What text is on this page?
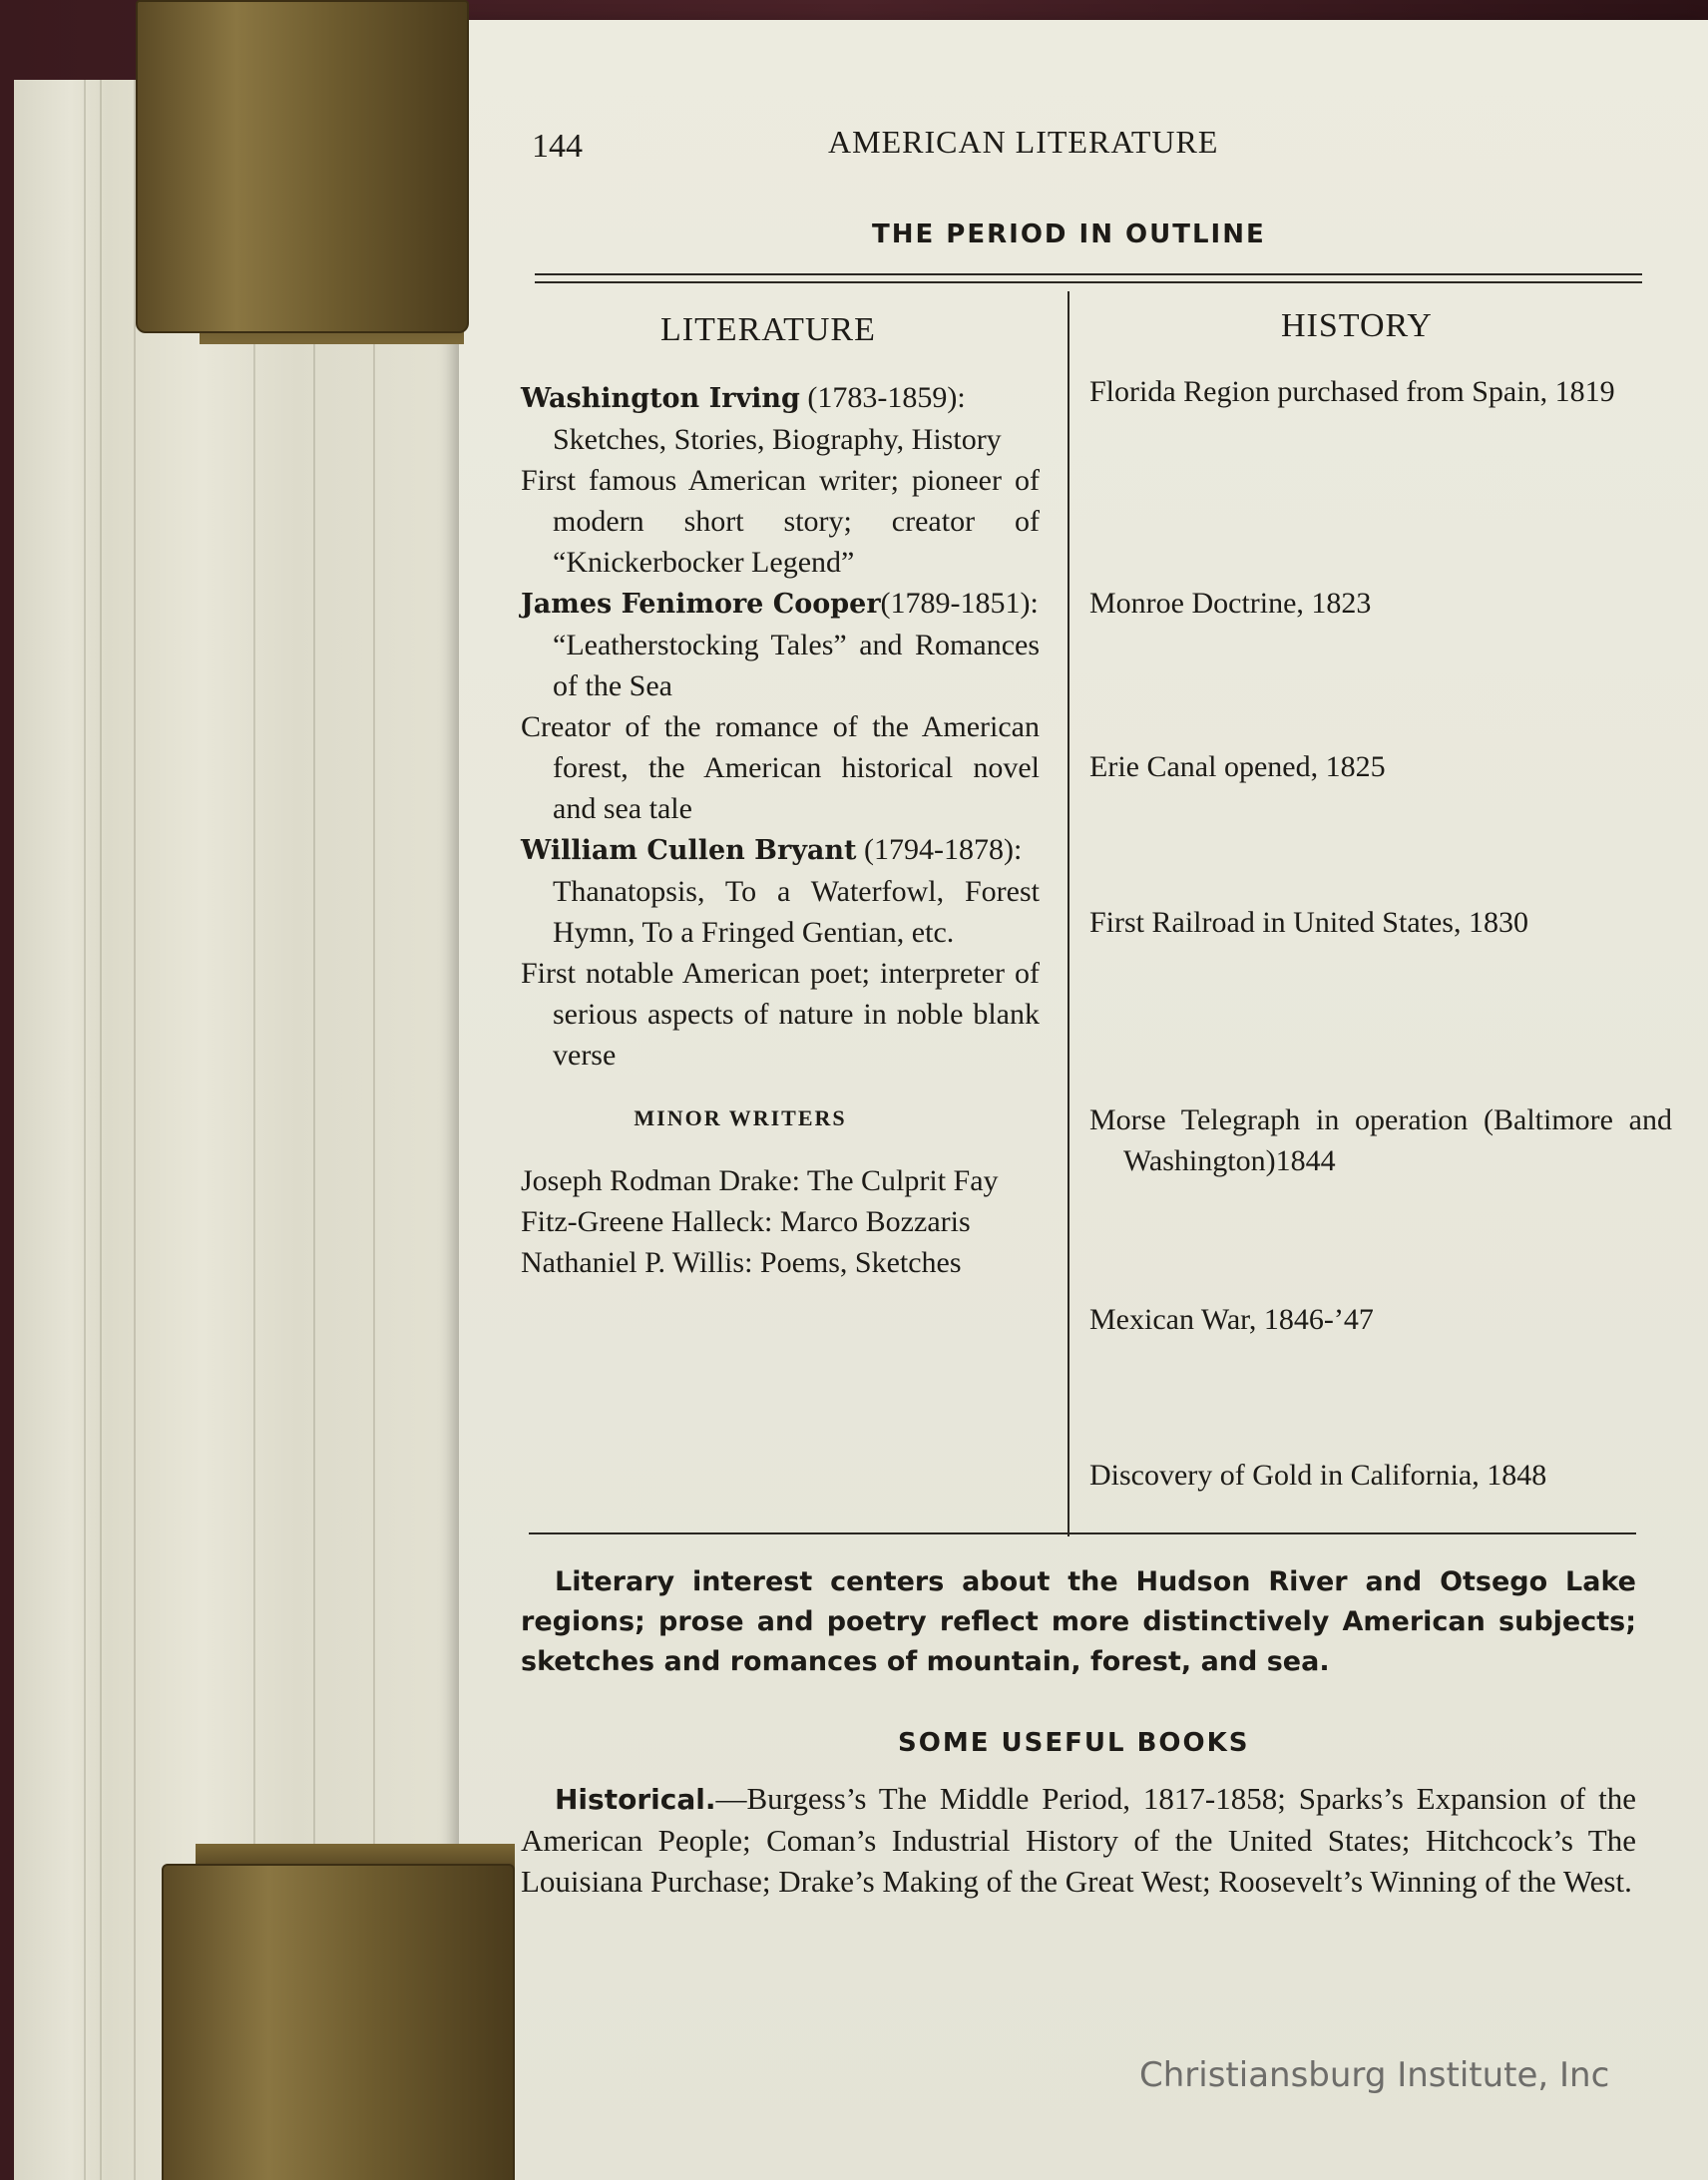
144	AMERICAN LITERATURE

THE PERIOD IN OUTLINE

LITERATURE	HISTORY

Washington Irving (1783-1859):
Sketches, Stories, Biography, History

First famous American writer; pioneer of modern short story; creator of “Knickerbocker Legend”

James Fenimore Cooper(1789-1851):
“Leatherstocking Tales” and Romances of the Sea

Creator of the romance of the American forest, the American historical novel and sea tale

William Cullen Bryant (1794-1878):
Thanatopsis, To a Waterfowl, Forest Hymn, To a Fringed Gentian, etc.

First notable American poet; interpreter of serious aspects of nature in noble blank verse

MINOR WRITERS

Joseph Rodman Drake: The Culprit Fay

Fitz-Greene Halleck: Marco Bozzaris

Nathaniel P. Willis: Poems, Sketches

Florida Region purchased from Spain, 1819

Monroe Doctrine, 1823

Erie Canal opened, 1825

First Railroad in United States, 1830

Morse Telegraph in operation (Baltimore and Washington)1844

Mexican War, 1846-’47

Discovery of Gold in California, 1848

Literary interest centers about the Hudson River and Otsego Lake regions; prose and poetry reflect more distinctively American subjects; sketches and romances of mountain, forest, and sea.

SOME USEFUL BOOKS

Historical.—Burgess’s The Middle Period, 1817-1858; Sparks’s Expansion of the American People; Coman’s Industrial History of the United States; Hitchcock’s The Louisiana Purchase; Drake’s Making of the Great West; Roosevelt’s Winning of the West.

Christiansburg Institute, Inc
